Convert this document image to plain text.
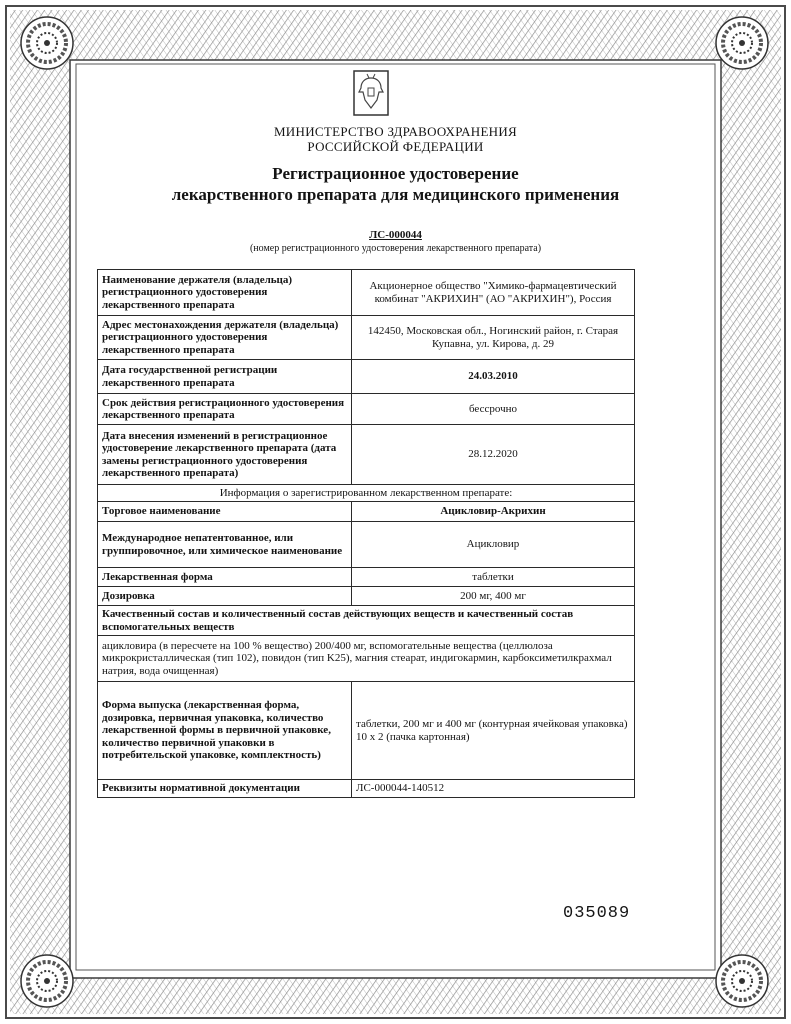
МИНИСТЕРСТВО ЗДРАВООХРАНЕНИЯ
РОССИЙСКОЙ ФЕДЕРАЦИИ
Регистрационное удостоверение
лекарственного препарата для медицинского применения
ЛС-000044
(номер регистрационного удостоверения лекарственного препарата)
Наименование держателя (владельца) регистрационного удостоверения лекарственного препарата	Акционерное общество "Химико-фармацевтический комбинат "АКРИХИН" (АО "АКРИХИН"), Россия
Адрес местонахождения держателя (владельца) регистрационного удостоверения лекарственного препарата	142450, Московская обл., Ногинский район, г. Старая Купавна, ул. Кирова, д. 29
Дата государственной регистрации лекарственного препарата	24.03.2010
Срок действия регистрационного удостоверения лекарственного препарата	бессрочно
Дата внесения изменений в регистрационное удостоверение лекарственного препарата (дата замены регистрационного удостоверения лекарственного препарата)	28.12.2020
Информация о зарегистрированном лекарственном препарате:	
Торговое наименование	Ацикловир-Акрихин
Международное непатентованное, или группировочное, или химическое наименование	Ацикловир
Лекарственная форма	таблетки
Дозировка	200 мг, 400 мг
Качественный состав и количественный состав действующих веществ и качественный состав вспомогательных веществ	
ацикловира (в пересчете на 100 % вещество) 200/400 мг, вспомогательные вещества (целлюлоза микрокристаллическая (тип 102), повидон (тип K25), магния стеарат, индигокармин, карбоксиметилкрахмал натрия, вода очищенная)	
Форма выпуска (лекарственная форма, дозировка, первичная упаковка, количество лекарственной формы в первичной упаковке, количество первичной упаковки в потребительской упаковке, комплектность)	таблетки, 200 мг и 400 мг (контурная ячейковая упаковка) 10 x 2 (пачка картонная)
Реквизиты нормативной документации	ЛС-000044-140512
035089
